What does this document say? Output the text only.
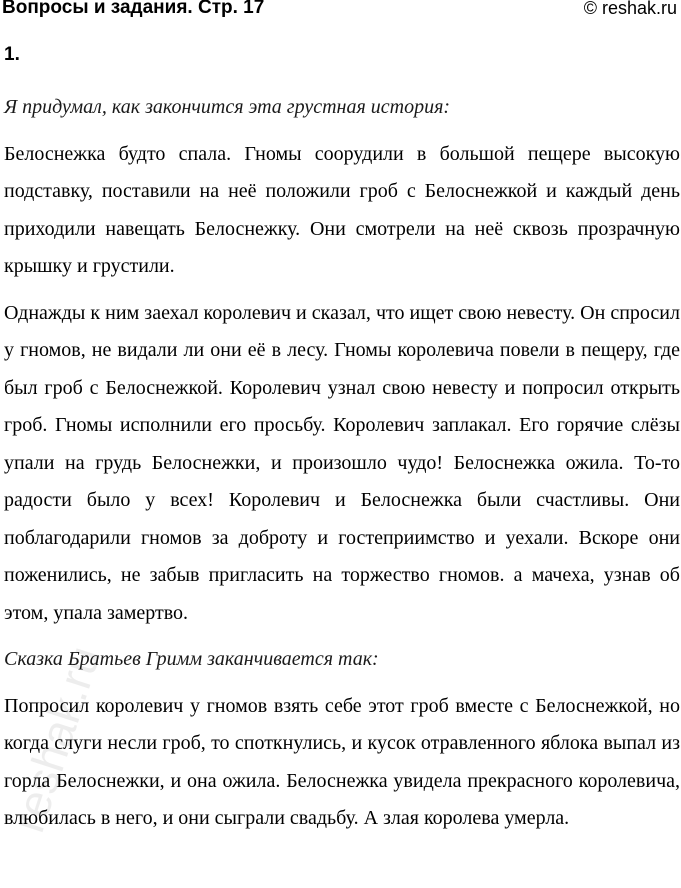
Вопросы и задания. Стр. 17	© reshak.ru
1.

Я придумал, как закончится эта грустная история:

Белоснежка будто спала. Гномы соорудили в большой пещере высокую подставку, поставили на неё положили гроб с Белоснежкой и каждый день приходили навещать Белоснежку. Они смотрели на неё сквозь прозрачную крышку и грустили.

Однажды к ним заехал королевич и сказал, что ищет свою невесту. Он спросил у гномов, не видали ли они её в лесу. Гномы королевича повели в пещеру, где был гроб с Белоснежкой. Королевич узнал свою невесту и попросил открыть гроб. Гномы исполнили его просьбу. Королевич заплакал. Его горячие слёзы упали на грудь Белоснежки, и произошло чудо! Белоснежка ожила. То-то радости было у всех! Королевич и Белоснежка были счастливы. Они поблагодарили гномов за доброту и гостеприимство и уехали. Вскоре они поженились, не забыв пригласить на торжество гномов. а мачеха, узнав об этом, упала замертво.

Сказка Братьев Гримм заканчивается так:

Попросил королевич у гномов взять себе этот гроб вместе с Белоснежкой, но когда слуги несли гроб, то споткнулись, и кусок отравленного яблока выпал из горла Белоснежки, и она ожила. Белоснежка увидела прекрасного королевича, влюбилась в него, и они сыграли свадьбу. А злая королева умерла.

reshak.ru
